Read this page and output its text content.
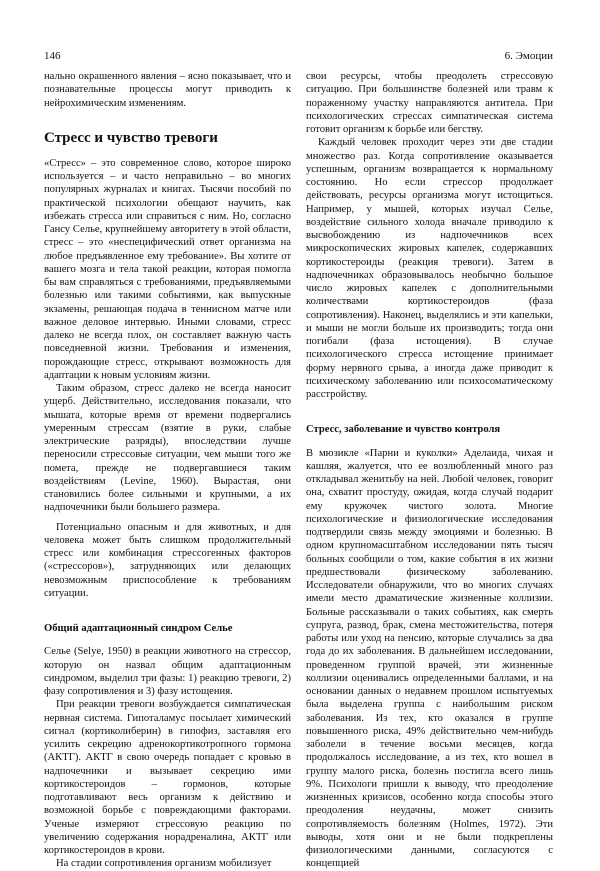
146	6. Эмоции

нально окрашенного явления – ясно показывает, что и познавательные процессы могут приводить к нейрохимическим изменениям.

Стресс и чувство тревоги

«Стресс» – это современное слово, которое широко используется – и часто неправильно – во многих популярных журналах и книгах. Тысячи пособий по практической психологии обещают научить, как избежать стресса или справиться с ним. Но, согласно Гансу Селье, крупнейшему авторитету в этой области, стресс – это «неспецифический ответ организма на любое предъявленное ему требование». Вы хотите от вашего мозга и тела такой реакции, которая помогла бы вам справляться с требованиями, предъявляемыми болезнью или такими событиями, как выпускные экзамены, решающая подача в теннисном матче или важное деловое интервью. Иными словами, стресс далеко не всегда плох, он составляет важную часть повседневной жизни. Требования и изменения, порождающие стресс, открывают возможность для адаптации к новым условиям жизни.

Таким образом, стресс далеко не всегда наносит ущерб. Действительно, исследования показали, что мышата, которые время от времени подвергались умеренным стрессам (взятие в руки, слабые электрические разряды), впоследствии лучше переносили стрессовые ситуации, чем мыши того же помета, прежде не подвергавшиеся таким воздействиям (Levine, 1960). Вырастая, они становились более сильными и крупными, а их надпочечники были большего размера.

Потенциально опасным и для животных, и для человека может быть слишком продолжительный стресс или комбинация стрессогенных факторов («стрессоров»), затрудняющих или делающих невозможным приспособление к требованиям ситуации.

Общий адаптационный синдром Селье

Селье (Selye, 1950) в реакции животного на стрессор, которую он назвал общим адаптационным синдромом, выделил три фазы: 1) реакцию тревоги, 2) фазу сопротивления и 3) фазу истощения.

При реакции тревоги возбуждается симпатическая нервная система. Гипоталамус посылает химический сигнал (кортиколиберин) в гипофиз, заставляя его усилить секрецию адренокортикотропного гормона (АКТГ). АКТГ в свою очередь попадает с кровью в надпочечники и вызывает секрецию ими кортикостероидов – гормонов, которые подготавливают весь организм к действию и возможной борьбе с повреждающими факторами. Ученые измеряют стрессовую реакцию по увеличению содержания норадреналина, АКТГ или кортикостероидов в крови.

На стадии сопротивления организм мобилизует

свои ресурсы, чтобы преодолеть стрессовую ситуацию. При большинстве болезней или травм к пораженному участку направляются антитела. При психологических стрессах симпатическая система готовит организм к борьбе или бегству.

Каждый человек проходит через эти две стадии множество раз. Когда сопротивление оказывается успешным, организм возвращается к нормальному состоянию. Но если стрессор продолжает действовать, ресурсы организма могут истощиться. Например, у мышей, которых изучал Селье, воздействие сильного холода вначале приводило к высвобождению из надпочечников всех микроскопических жировых капелек, содержавших кортикостероиды (реакция тревоги). Затем в надпочечниках образовывалось необычно большое число жировых капелек с дополнительными количествами кортикостероидов (фаза сопротивления). Наконец, выделялись и эти капельки, и мыши не могли больше их производить; тогда они погибали (фаза истощения). В случае психологического стресса истощение принимает форму нервного срыва, а иногда даже приводит к психическому заболеванию или психосоматическому расстройству.

Стресс, заболевание и чувство контроля

В мюзикле «Парни и куколки» Аделаида, чихая и кашляя, жалуется, что ее возлюбленный много раз откладывал женитьбу на ней. Любой человек, говорит она, схватит простуду, ожидая, когда случай подарит ему кружочек чистого золота. Многие психологические и физиологические исследования подтвердили связь между эмоциями и болезнью. В одном крупномасштабном исследовании пять тысяч больных сообщили о том, какие события в их жизни предшествовали физическому заболеванию. Исследователи обнаружили, что во многих случаях имели место драматические жизненные коллизии. Больные рассказывали о таких событиях, как смерть супруга, развод, брак, смена местожительства, потеря работы или уход на пенсию, которые случались за два года до их заболевания. В дальнейшем исследовании, проведенном группой врачей, эти жизненные коллизии оценивались определенными баллами, и на основании данных о недавнем прошлом испытуемых была выделена группа с наибольшим риском заболевания. Из тех, кто оказался в группе повышенного риска, 49% действительно чем-нибудь заболели в течение восьми месяцев, когда продолжалось исследование, а из тех, кто вошел в группу малого риска, болезнь постигла всего лишь 9%. Психологи пришли к выводу, что преодоление жизненных кризисов, особенно когда способы этого преодоления неудачны, может снизить сопротивляемость болезням (Holmes, 1972). Эти выводы, хотя они и не были подкреплены физиологическими данными, согласуются с концепцией
